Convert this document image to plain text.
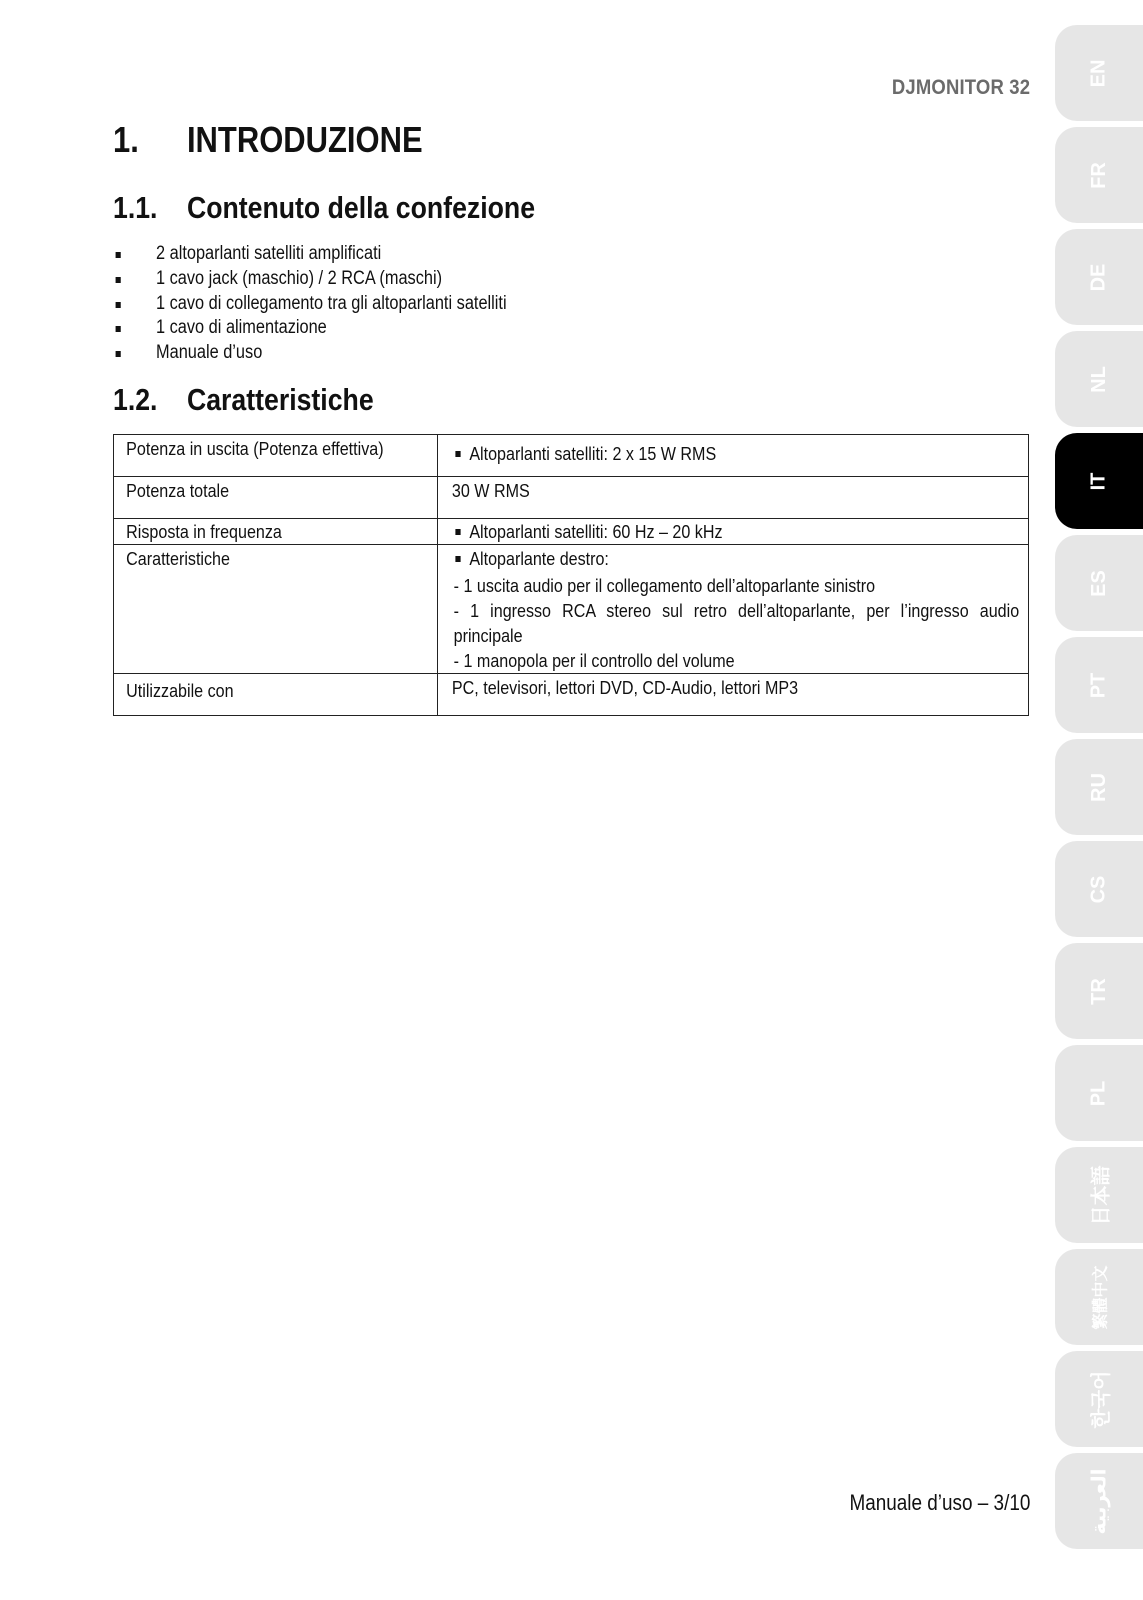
DJMONITOR 32
1. INTRODUZIONE
1.1. Contenuto della confezione
2 altoparlanti satelliti amplificati
1 cavo jack (maschio) / 2 RCA (maschi)
1 cavo di collegamento tra gli altoparlanti satelliti
1 cavo di alimentazione
Manuale d’uso
1.2. Caratteristiche
Potenza in uscita (Potenza effettiva)	Altoparlanti satelliti: 2 x 15 W RMS

Potenza totale	30 W RMS

Risposta in frequenza	Altoparlanti satelliti: 60 Hz – 20 kHz

Caratteristiche	Altoparlante destro:
- 1 uscita audio per il collegamento dell’altoparlante sinistro
- 1 ingresso RCA stereo sul retro dell’altoparlante, per l’ingresso audio
principale
- 1 manopola per il controllo del volume

Utilizzabile con	PC, televisori, lettori DVD, CD-Audio, lettori MP3
Manuale d’uso – 3/10
EN
FR
DE
NL
IT
ES
PT
RU
CS
TR
PL
日本語
繁體中文
한국어
العربية
